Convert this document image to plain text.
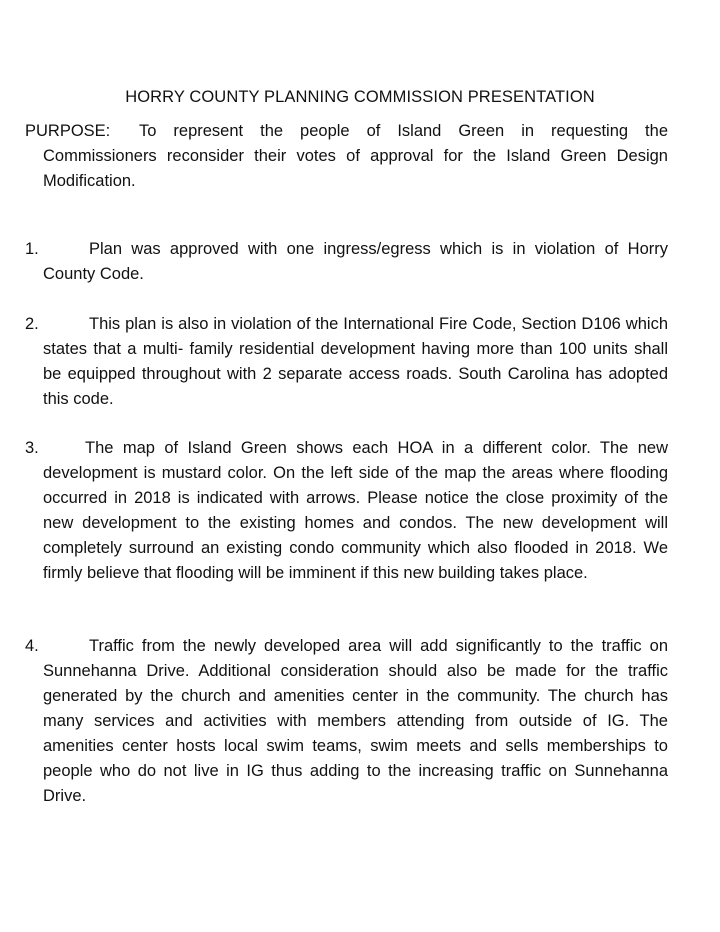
HORRY COUNTY PLANNING COMMISSION PRESENTATION
PURPOSE: To represent the people of Island Green in requesting the Commissioners reconsider their votes of approval for the Island Green Design Modification.
1.	Plan was approved with one ingress/egress which is in violation of Horry County Code.
2.	This plan is also in violation of the International Fire Code, Section D106 which states that a multi- family residential development having more than 100 units shall be equipped throughout with 2 separate access roads. South Carolina has adopted this code.
3.	The map of Island Green shows each HOA in a different color. The new development is mustard color. On the left side of the map the areas where flooding occurred in 2018 is indicated with arrows. Please notice the close proximity of the new development to the existing homes and condos. The new development will completely surround an existing condo community which also flooded in 2018. We firmly believe that flooding will be imminent if this new building takes place.
4.	Traffic from the newly developed area will add significantly to the traffic on Sunnehanna Drive. Additional consideration should also be made for the traffic generated by the church and amenities center in the community. The church has many services and activities with members attending from outside of IG. The amenities center hosts local swim teams, swim meets and sells memberships to people who do not live in IG thus adding to the increasing traffic on Sunnehanna Drive.
